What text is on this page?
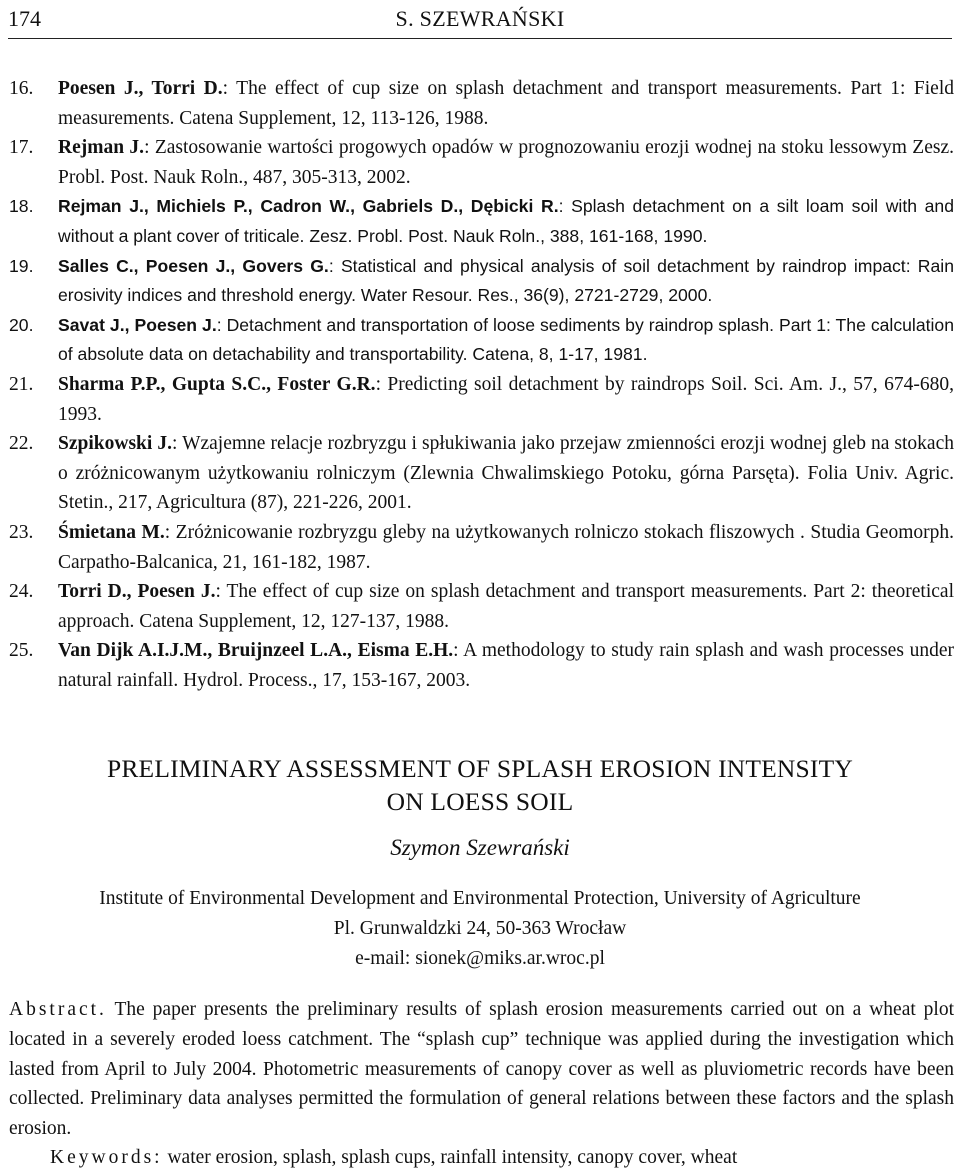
174	S. SZEWRAŃSKI
16.	Poesen J., Torri D.: The effect of cup size on splash detachment and transport measurements. Part 1: Field measurements. Catena Supplement, 12, 113-126, 1988.
17.	Rejman J.: Zastosowanie wartości progowych opadów w prognozowaniu erozji wodnej na stoku lessowym Zesz. Probl. Post. Nauk Roln., 487, 305-313, 2002.
18.	Rejman J., Michiels P., Cadron W., Gabriels D., Dębicki R.: Splash detachment on a silt loam soil with and without a plant cover of triticale. Zesz. Probl. Post. Nauk Roln., 388, 161-168, 1990.
19.	Salles C., Poesen J., Govers G.: Statistical and physical analysis of soil detachment by raindrop impact: Rain erosivity indices and threshold energy. Water Resour. Res., 36(9), 2721-2729, 2000.
20.	Savat J., Poesen J.: Detachment and transportation of loose sediments by raindrop splash. Part 1: The calculation of absolute data on detachability and transportability. Catena, 8, 1-17, 1981.
21.	Sharma P.P., Gupta S.C., Foster G.R.: Predicting soil detachment by raindrops Soil. Sci. Am. J., 57, 674-680, 1993.
22.	Szpikowski J.: Wzajemne relacje rozbryzgu i spłukiwania jako przejaw zmienności erozji wodnej gleb na stokach o zróżnicowanym użytkowaniu rolniczym (Zlewnia Chwalimskiego Potoku, górna Parsęta). Folia Univ. Agric. Stetin., 217, Agricultura (87), 221-226, 2001.
23.	Śmietana M.: Zróżnicowanie rozbryzgu gleby na użytkowanych rolniczo stokach fliszowych . Studia Geomorph. Carpatho-Balcanica, 21, 161-182, 1987.
24.	Torri D., Poesen J.: The effect of cup size on splash detachment and transport measurements. Part 2: theoretical approach. Catena Supplement, 12, 127-137, 1988.
25.	Van Dijk A.I.J.M., Bruijnzeel L.A., Eisma E.H.: A methodology to study rain splash and wash processes under natural rainfall. Hydrol. Process., 17, 153-167, 2003.
PRELIMINARY ASSESSMENT OF SPLASH EROSION INTENSITY
ON LOESS SOIL
Szymon Szewrański
Institute of Environmental Development and Environmental Protection, University of Agriculture
Pl. Grunwaldzki 24, 50-363 Wrocław
e-mail: sionek@miks.ar.wroc.pl
Abstract. The paper presents the preliminary results of splash erosion measurements carried out on a wheat plot located in a severely eroded loess catchment. The “splash cup” technique was applied during the investigation which lasted from April to July 2004. Photometric measurements of canopy cover as well as pluviometric records have been collected. Preliminary data analyses permitted the formulation of general relations between these factors and the splash erosion.
Keywords: water erosion, splash, splash cups, rainfall intensity, canopy cover, wheat
